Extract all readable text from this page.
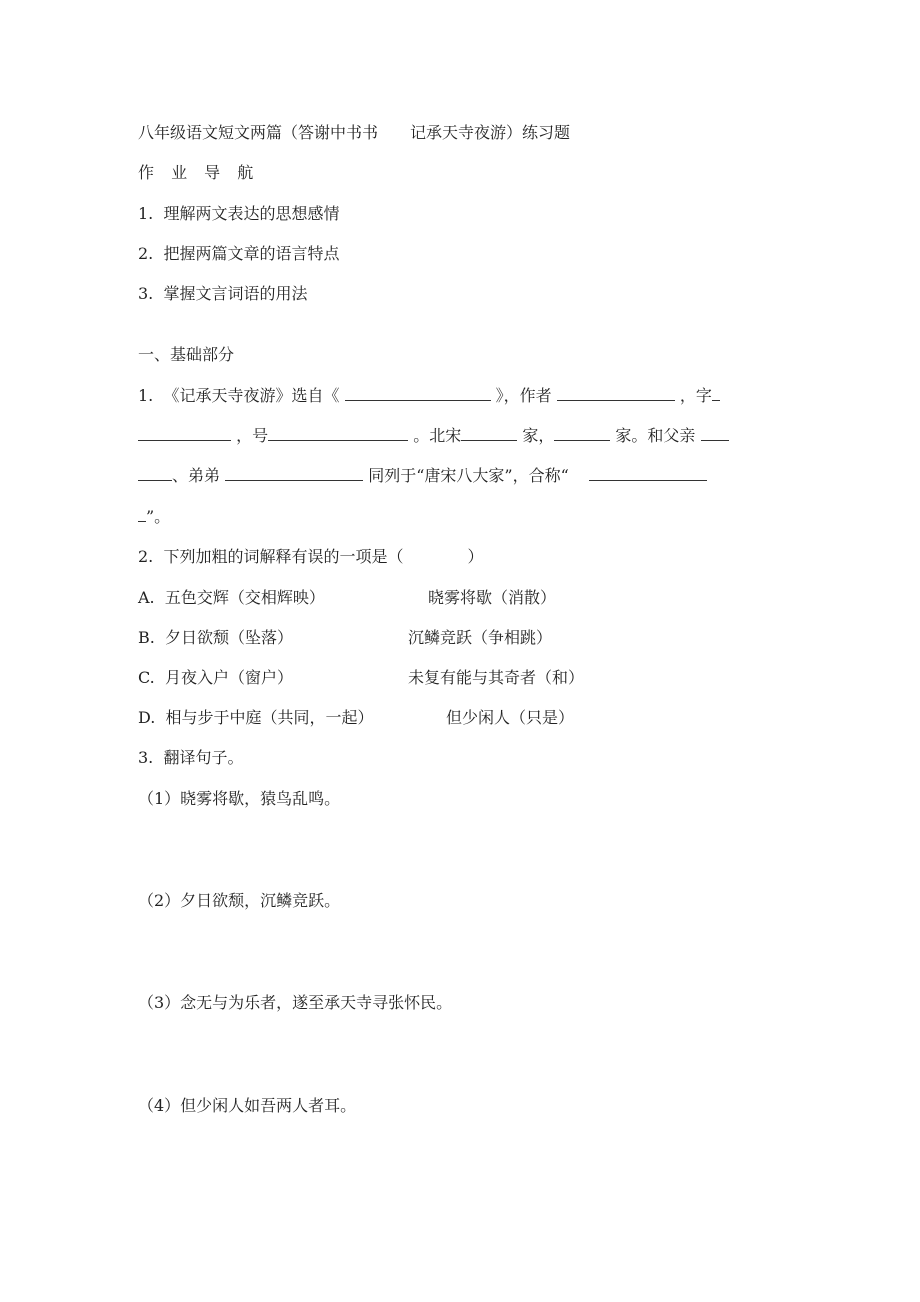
八年级语文短文两篇（答谢中书书　　记承天寺夜游）练习题
作 业 导 航
1. 理解两文表达的思想感情
2. 把握两篇文章的语言特点
3. 掌握文言词语的用法
一、基础部分
1. 《记承天寺夜游》选自《	》，作者	，字
，号	。北宋	家，	家。和父亲
、弟弟	同列于“唐宋八大家”，合称“
”。
2. 下列加粗的词解释有误的一项是（　　　　）
A. 五色交辉（交相辉映）	晓雾将歇（消散）
B. 夕日欲颓（坠落）	沉鳞竞跃（争相跳）
C. 月夜入户（窗户）	未复有能与其奇者（和）
D. 相与步于中庭（共同，一起）	但少闲人（只是）
3. 翻译句子。
（1）晓雾将歇，猿鸟乱鸣。
（2）夕日欲颓，沉鳞竞跃。
（3）念无与为乐者，遂至承天寺寻张怀民。
（4）但少闲人如吾两人者耳。
